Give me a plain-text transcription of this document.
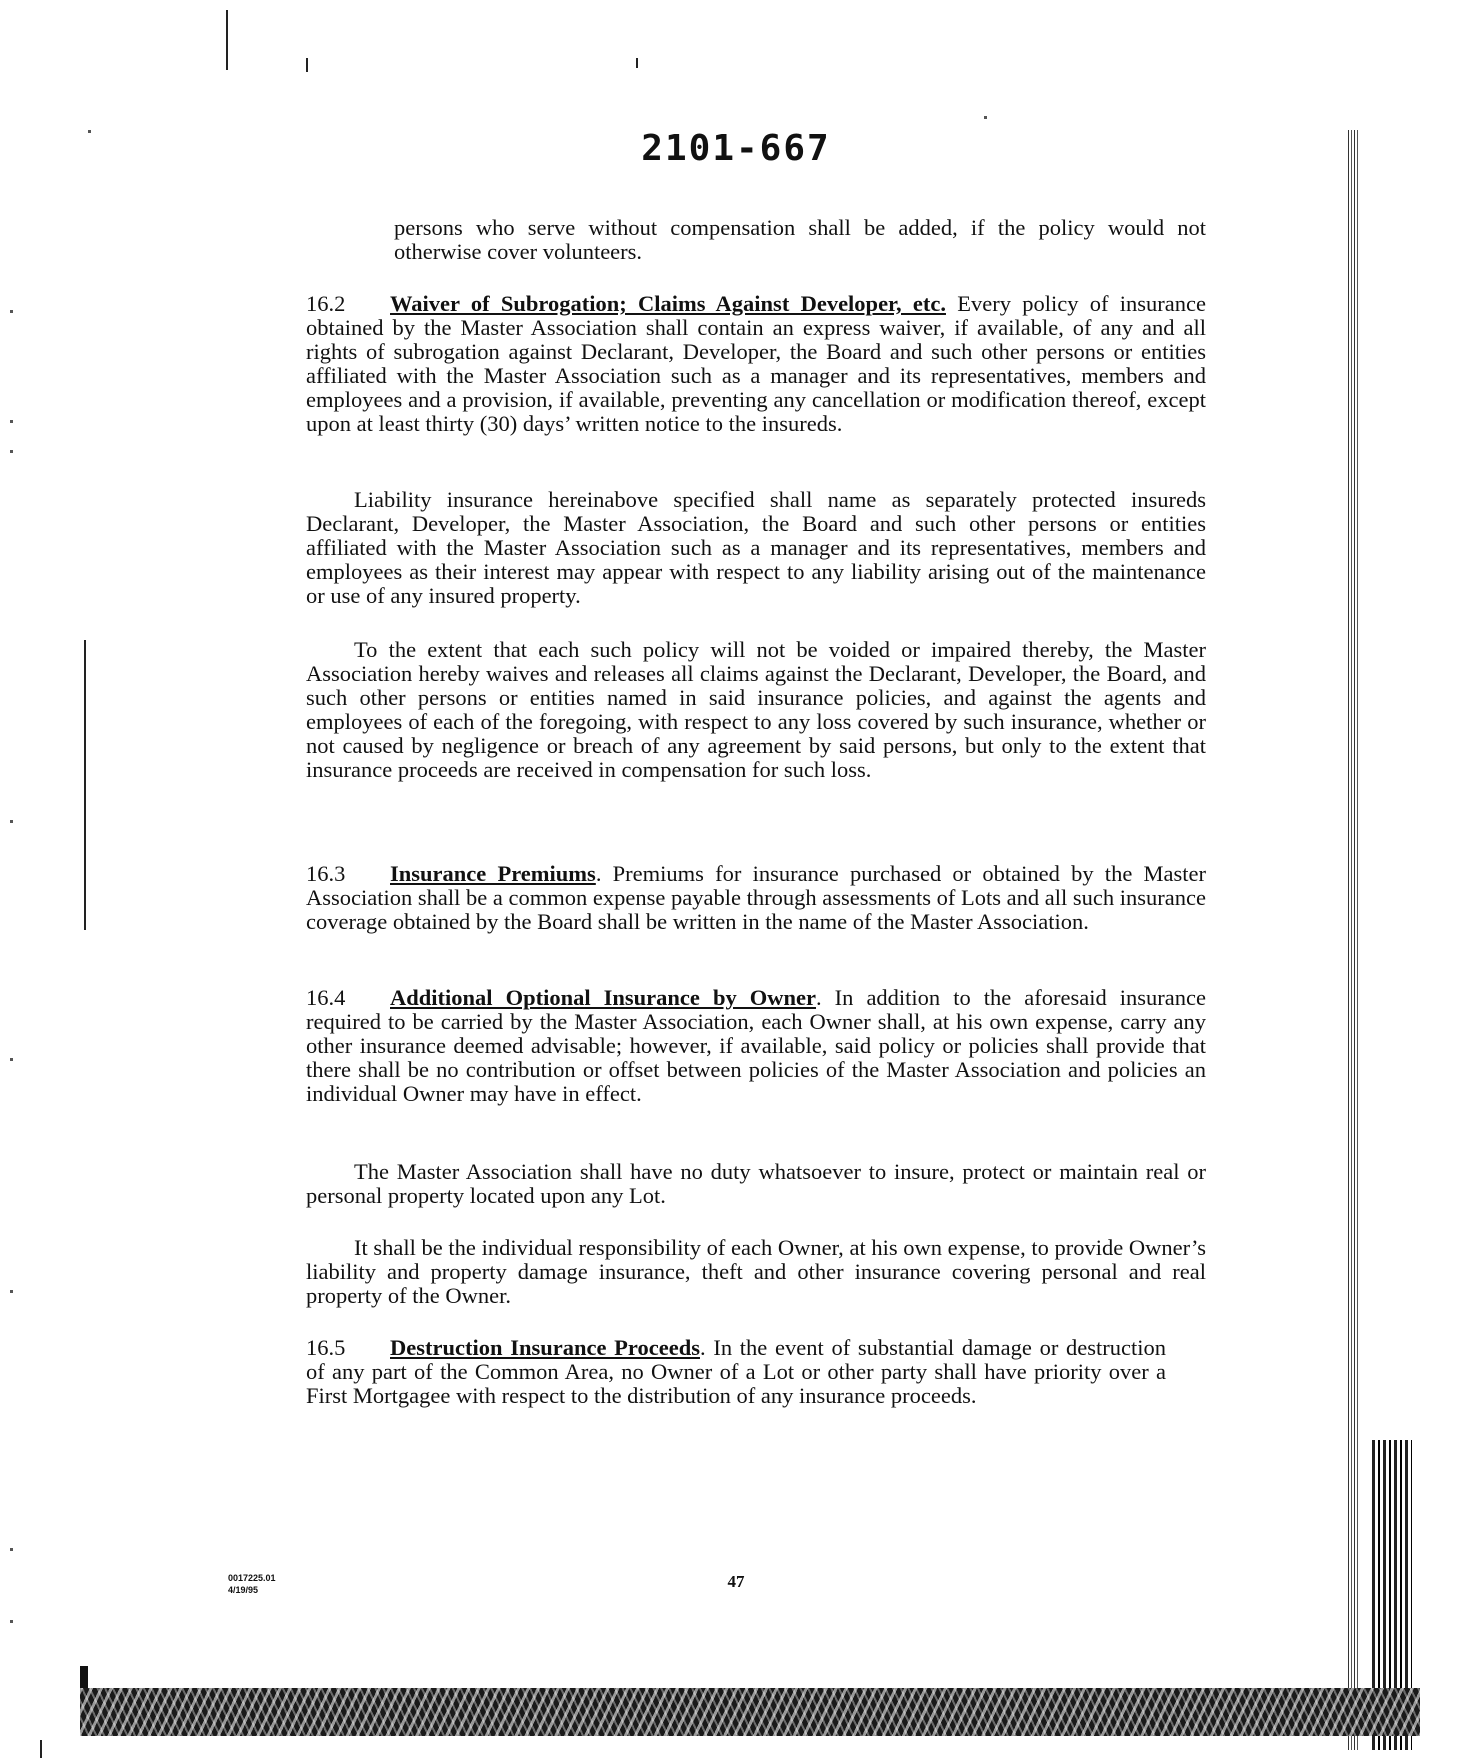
2101-667

persons who serve without compensation shall be added, if the policy would not otherwise cover volunteers.

16.2 Waiver of Subrogation; Claims Against Developer, etc. Every policy of insurance obtained by the Master Association shall contain an express waiver, if available, of any and all rights of subrogation against Declarant, Developer, the Board and such other persons or entities affiliated with the Master Association such as a manager and its representatives, members and employees and a provision, if available, preventing any cancellation or modification thereof, except upon at least thirty (30) days’ written notice to the insureds.

Liability insurance hereinabove specified shall name as separately protected insureds Declarant, Developer, the Master Association, the Board and such other persons or entities affiliated with the Master Association such as a manager and its representatives, members and employees as their interest may appear with respect to any liability arising out of the maintenance or use of any insured property.

To the extent that each such policy will not be voided or impaired thereby, the Master Association hereby waives and releases all claims against the Declarant, Developer, the Board, and such other persons or entities named in said insurance policies, and against the agents and employees of each of the foregoing, with respect to any loss covered by such insurance, whether or not caused by negligence or breach of any agreement by said persons, but only to the extent that insurance proceeds are received in compensation for such loss.

16.3 Insurance Premiums. Premiums for insurance purchased or obtained by the Master Association shall be a common expense payable through assessments of Lots and all such insurance coverage obtained by the Board shall be written in the name of the Master Association.

16.4 Additional Optional Insurance by Owner. In addition to the aforesaid insurance required to be carried by the Master Association, each Owner shall, at his own expense, carry any other insurance deemed advisable; however, if available, said policy or policies shall provide that there shall be no contribution or offset between policies of the Master Association and policies an individual Owner may have in effect.

The Master Association shall have no duty whatsoever to insure, protect or maintain real or personal property located upon any Lot.

It shall be the individual responsibility of each Owner, at his own expense, to provide Owner’s liability and property damage insurance, theft and other insurance covering personal and real property of the Owner.

16.5 Destruction Insurance Proceeds. In the event of substantial damage or destruction of any part of the Common Area, no Owner of a Lot or other party shall have priority over a First Mortgagee with respect to the distribution of any insurance proceeds.

0017225.01
4/19/95	47
